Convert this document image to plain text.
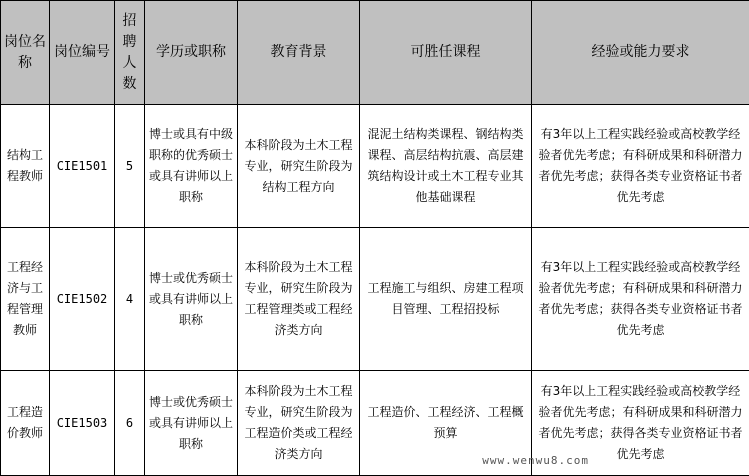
岗位名称	岗位编号	招聘人数	学历或职称	教育背景	可胜任课程	经验或能力要求
结构工程教师	CIE1501	5	博士或具有中级职称的优秀硕士或具有讲师以上职称	本科阶段为土木工程专业，研究生阶段为结构工程方向	混泥土结构类课程、钢结构类课程、高层结构抗震、高层建筑结构设计或土木工程专业其他基础课程	有3年以上工程实践经验或高校教学经验者优先考虑；有科研成果和科研潜力者优先考虑；获得各类专业资格证书者优先考虑
工程经济与工程管理教师	CIE1502	4	博士或优秀硕士或具有讲师以上职称	本科阶段为土木工程专业，研究生阶段为工程管理类或工程经济类方向	工程施工与组织、房建工程项目管理、工程招投标	有3年以上工程实践经验或高校教学经验者优先考虑；有科研成果和科研潜力者优先考虑；获得各类专业资格证书者优先考虑
工程造价教师	CIE1503	6	博士或优秀硕士或具有讲师以上职称	本科阶段为土木工程专业，研究生阶段为工程造价类或工程经济类方向	工程造价、工程经济、工程概预算	有3年以上工程实践经验或高校教学经验者优先考虑；有科研成果和科研潜力者优先考虑；获得各类专业资格证书者优先考虑
www.wenwu8.com
